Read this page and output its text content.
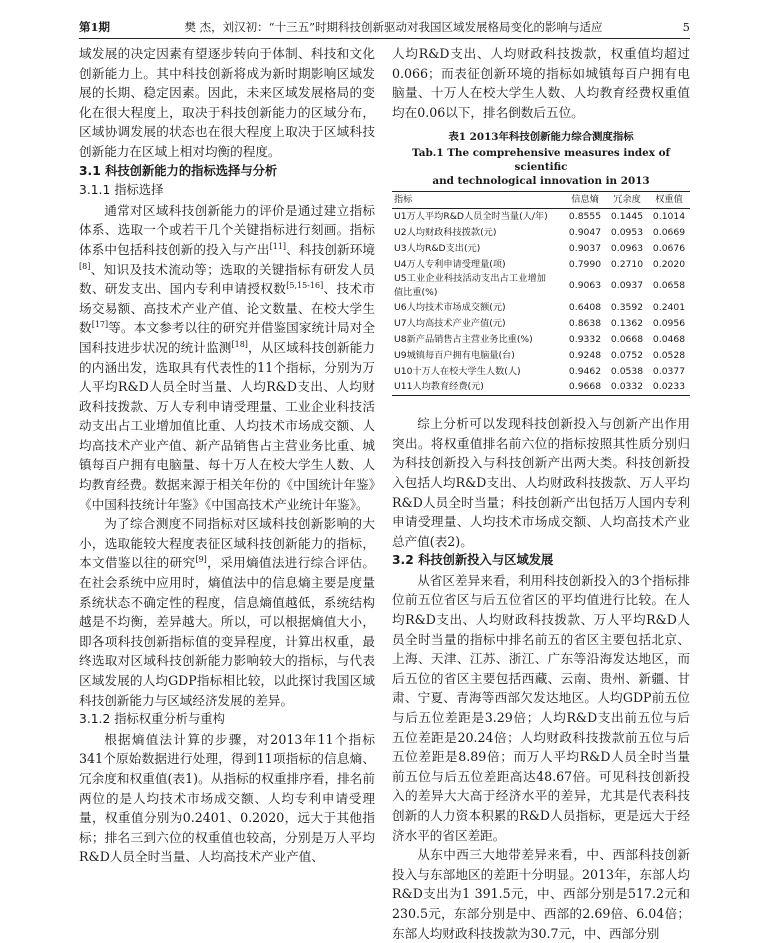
第1期	樊 杰，刘汉初：“十三五”时期科技创新驱动对我国区域发展格局变化的影响与适应	5

域发展的决定因素有望逐步转向于体制、科技和文化创新能力上。其中科技创新将成为新时期影响区域发展的长期、稳定因素。因此，未来区域发展格局的变化在很大程度上，取决于科技创新能力的区域分布，区域协调发展的状态也在很大程度上取决于区域科技创新能力在区域上相对均衡的程度。

3.1 科技创新能力的指标选择与分析
3.1.1 指标选择

通常对区域科技创新能力的评价是通过建立指标体系、选取一个或若干几个关键指标进行刻画。指标体系中包括科技创新的投入与产出[11]、科技创新环境[8]、知识及技术流动等；选取的关键指标有研发人员数、研发支出、国内专利申请授权数[5,15-16]、技术市场交易额、高技术产业产值、论文数量、在校大学生数[17]等。本文参考以往的研究并借鉴国家统计局对全国科技进步状况的统计监测[18]，从区域科技创新能力的内涵出发，选取具有代表性的11个指标，分别为万人平均R&D人员全时当量、人均R&D支出、人均财政科技拨款、万人专利申请受理量、工业企业科技活动支出占工业增加值比重、人均技术市场成交额、人均高技术产业产值、新产品销售占主营业务比重、城镇每百户拥有电脑量、每十万人在校大学生人数、人均教育经费。数据来源于相关年份的《中国统计年鉴》《中国科技统计年鉴》《中国高技术产业统计年鉴》。

为了综合测度不同指标对区域科技创新影响的大小，选取能较大程度表征区域科技创新能力的指标，本文借鉴以往的研究[9]，采用熵值法进行综合评估。在社会系统中应用时，熵值法中的信息熵主要是度量系统状态不确定性的程度，信息熵值越低，系统结构越是不均衡，差异越大。所以，可以根据熵值大小，即各项科技创新指标值的变异程度，计算出权重，最终选取对区域科技创新能力影响较大的指标，与代表区域发展的人均GDP指标相比较，以此探讨我国区域科技创新能力与区域经济发展的差异。

3.1.2 指标权重分析与重构

根据熵值法计算的步骤，对2013年11个指标341个原始数据进行处理，得到11项指标的信息熵、冗余度和权重值(表1)。从指标的权重排序看，排名前两位的是人均技术市场成交额、人均专利申请受理量，权重值分别为0.2401、0.2020，远大于其他指标；排名三到六位的权重值也较高，分别是万人平均R&D人员全时当量、人均高技术产业产值、

人均R&D支出、人均财政科技拨款，权重值均超过0.066；而表征创新环境的指标如城镇每百户拥有电脑量、十万人在校大学生人数、人均教育经费权重值均在0.06以下，排名倒数后五位。

表1 2013年科技创新能力综合测度指标
Tab.1 The comprehensive measures index of scientific
and technological innovation in 2013
指标	信息熵	冗余度	权重值
U1万人平均R&D人员全时当量(人/年)	0.8555	0.1445	0.1014
U2人均财政科技拨款(元)	0.9047	0.0953	0.0669
U3人均R&D支出(元)	0.9037	0.0963	0.0676
U4万人专利申请受理量(项)	0.7990	0.2710	0.2020
U5工业企业科技活动支出占工业增加值比重(%)	0.9063	0.0937	0.0658
U6人均技术市场成交额(元)	0.6408	0.3592	0.2401
U7人均高技术产业产值(元)	0.8638	0.1362	0.0956
U8新产品销售占主营业务比重(%)	0.9332	0.0668	0.0468
U9城镇每百户拥有电脑量(台)	0.9248	0.0752	0.0528
U10十万人在校大学生人数(人)	0.9462	0.0538	0.0377
U11人均教育经费(元)	0.9668	0.0332	0.0233

综上分析可以发现科技创新投入与创新产出作用突出。将权重值排名前六位的指标按照其性质分别归为科技创新投入与科技创新产出两大类。科技创新投入包括人均R&D支出、人均财政科技拨款、万人平均R&D人员全时当量；科技创新产出包括万人国内专利申请受理量、人均技术市场成交额、人均高技术产业总产值(表2)。

3.2 科技创新投入与区域发展

从省区差异来看，利用科技创新投入的3个指标排位前五位省区与后五位省区的平均值进行比较。在人均R&D支出、人均财政科技拨款、万人平均R&D人员全时当量的指标中排名前五的省区主要包括北京、上海、天津、江苏、浙江、广东等沿海发达地区，而后五位的省区主要包括西藏、云南、贵州、新疆、甘肃、宁夏、青海等西部欠发达地区。人均GDP前五位与后五位差距是3.29倍；人均R&D支出前五位与后五位差距是20.24倍；人均财政科技拨款前五位与后五位差距是8.89倍；而万人平均R&D人员全时当量前五位与后五位差距高达48.67倍。可见科技创新投入的差异大大高于经济水平的差异，尤其是代表科技创新的人力资本积累的R&D人员指标，更是远大于经济水平的省区差距。

从东中西三大地带差异来看，中、西部科技创新投入与东部地区的差距十分明显。2013年，东部人均R&D支出为1 391.5元，中、西部分别是517.2元和230.5元，东部分别是中、西部的2.69倍、6.04倍；东部人均财政科技拨款为30.7元，中、西部分别
